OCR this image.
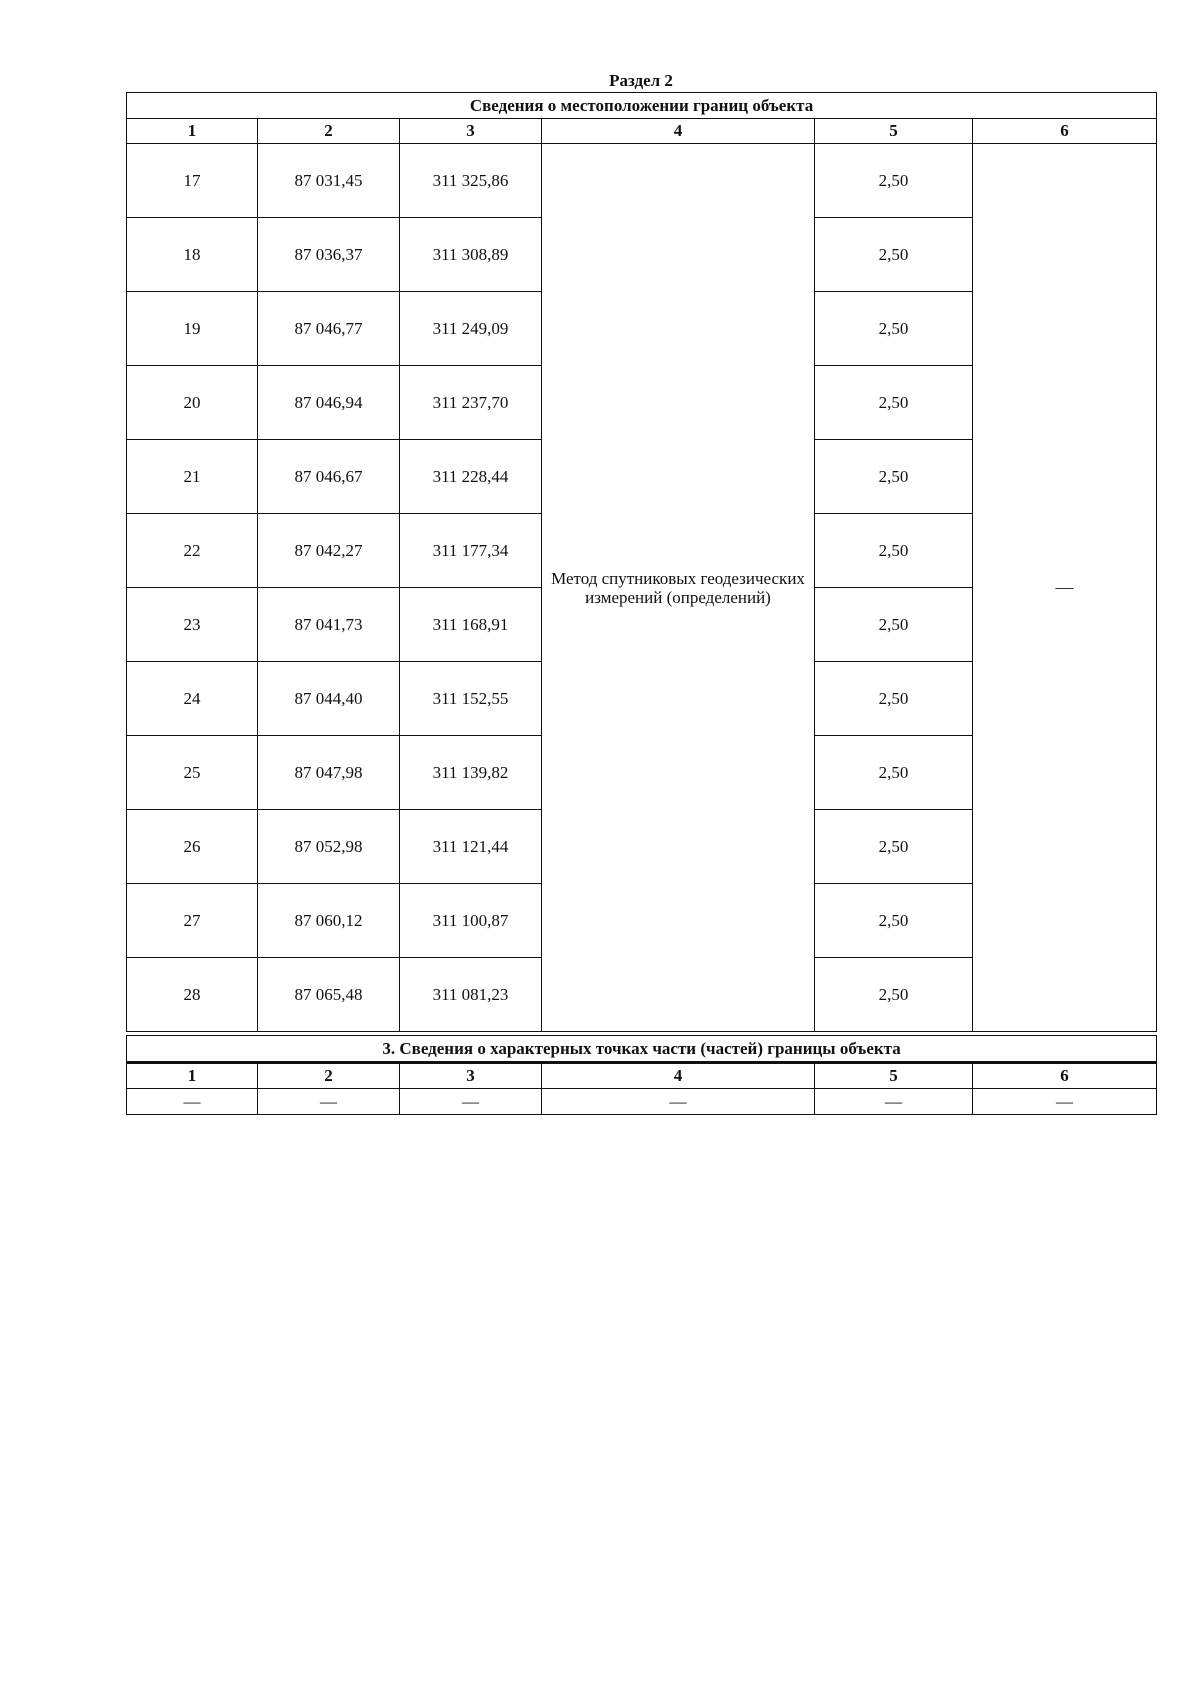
Раздел 2
Сведения о местоположении границ объекта					
1	2	3	4	5	6
17	87 031,45	311 325,86	Метод спутниковых геодезических измерений (определений)	2,50	—
18	87 036,37	311 308,89		2,50	
19	87 046,77	311 249,09		2,50	
20	87 046,94	311 237,70		2,50	
21	87 046,67	311 228,44		2,50	
22	87 042,27	311 177,34		2,50	
23	87 041,73	311 168,91		2,50	
24	87 044,40	311 152,55		2,50	
25	87 047,98	311 139,82		2,50	
26	87 052,98	311 121,44		2,50	
27	87 060,12	311 100,87		2,50	
28	87 065,48	311 081,23		2,50	
3. Сведения о характерных точках части (частей) границы объекта					
1	2	3	4	5	6
—	—	—	—	—	—
